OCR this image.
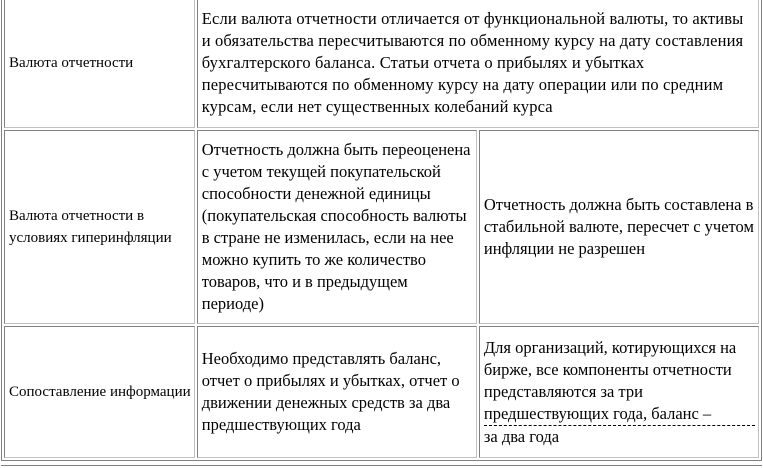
Валюта отчетности	Если валюта отчетности отличается от функциональной валюты, то активы и обязательства пересчитываются по обменному курсу на дату составления бухгалтерского баланса. Статьи отчета о прибылях и убытках пересчитываются по обменному курсу на дату операции или по средним курсам, если нет существенных колебаний курса	

Валюта отчетности в условиях гиперинфляции	Отчетность должна быть переоценена с учетом текущей покупательской способности денежной единицы (покупательская способность валюты в стране не изменилась, если на нее можно купить то же количество товаров, что и в предыдущем периоде)	Отчетность должна быть составлена в стабильной валюте, пересчет с учетом инфляции не разрешен

Сопоставление информации	Необходимо представлять баланс, отчет о прибылях и убытках, отчет о движении денежных средств за два предшествующих года	Для организаций, котирующихся на бирже, все компоненты отчетности представляются за три предшествующих года, баланс –
за два года
